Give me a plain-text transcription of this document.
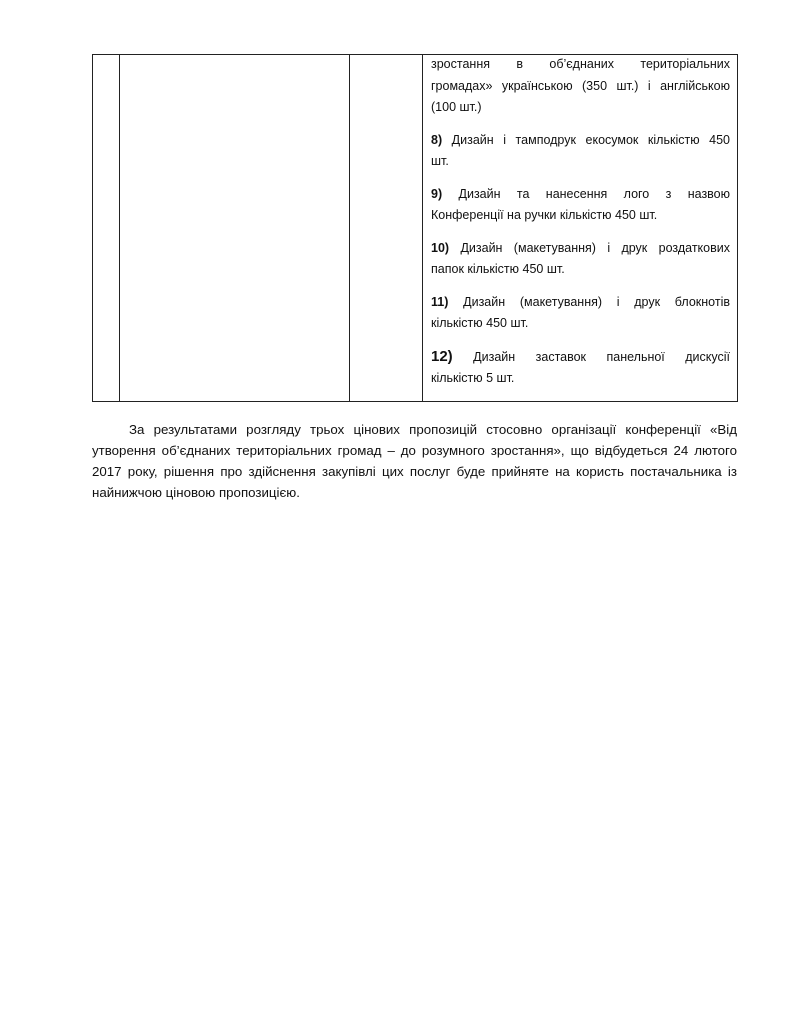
зростання в об’єднаних територіальних
громадах» українською (350 шт.) і англійською
(100 шт.)
8) Дизайн і тамподрук екосумок кількістю 450
шт.
9) Дизайн та нанесення лого з назвою
Конференції на ручки кількістю 450 шт.
10) Дизайн (макетування) і друк роздаткових
папок кількістю 450 шт.
11) Дизайн (макетування) і друк блокнотів
кількістю 450 шт.
12) Дизайн заставок панельної дискусії
кількістю 5 шт.

За результатами розгляду трьох цінових пропозицій стосовно організації конференції «Від утворення об’єднаних територіальних громад – до розумного зростання», що відбудеться 24 лютого 2017 року, рішення про здійснення закупівлі цих послуг буде прийняте на користь постачальника із найнижчою ціновою пропозицією.
